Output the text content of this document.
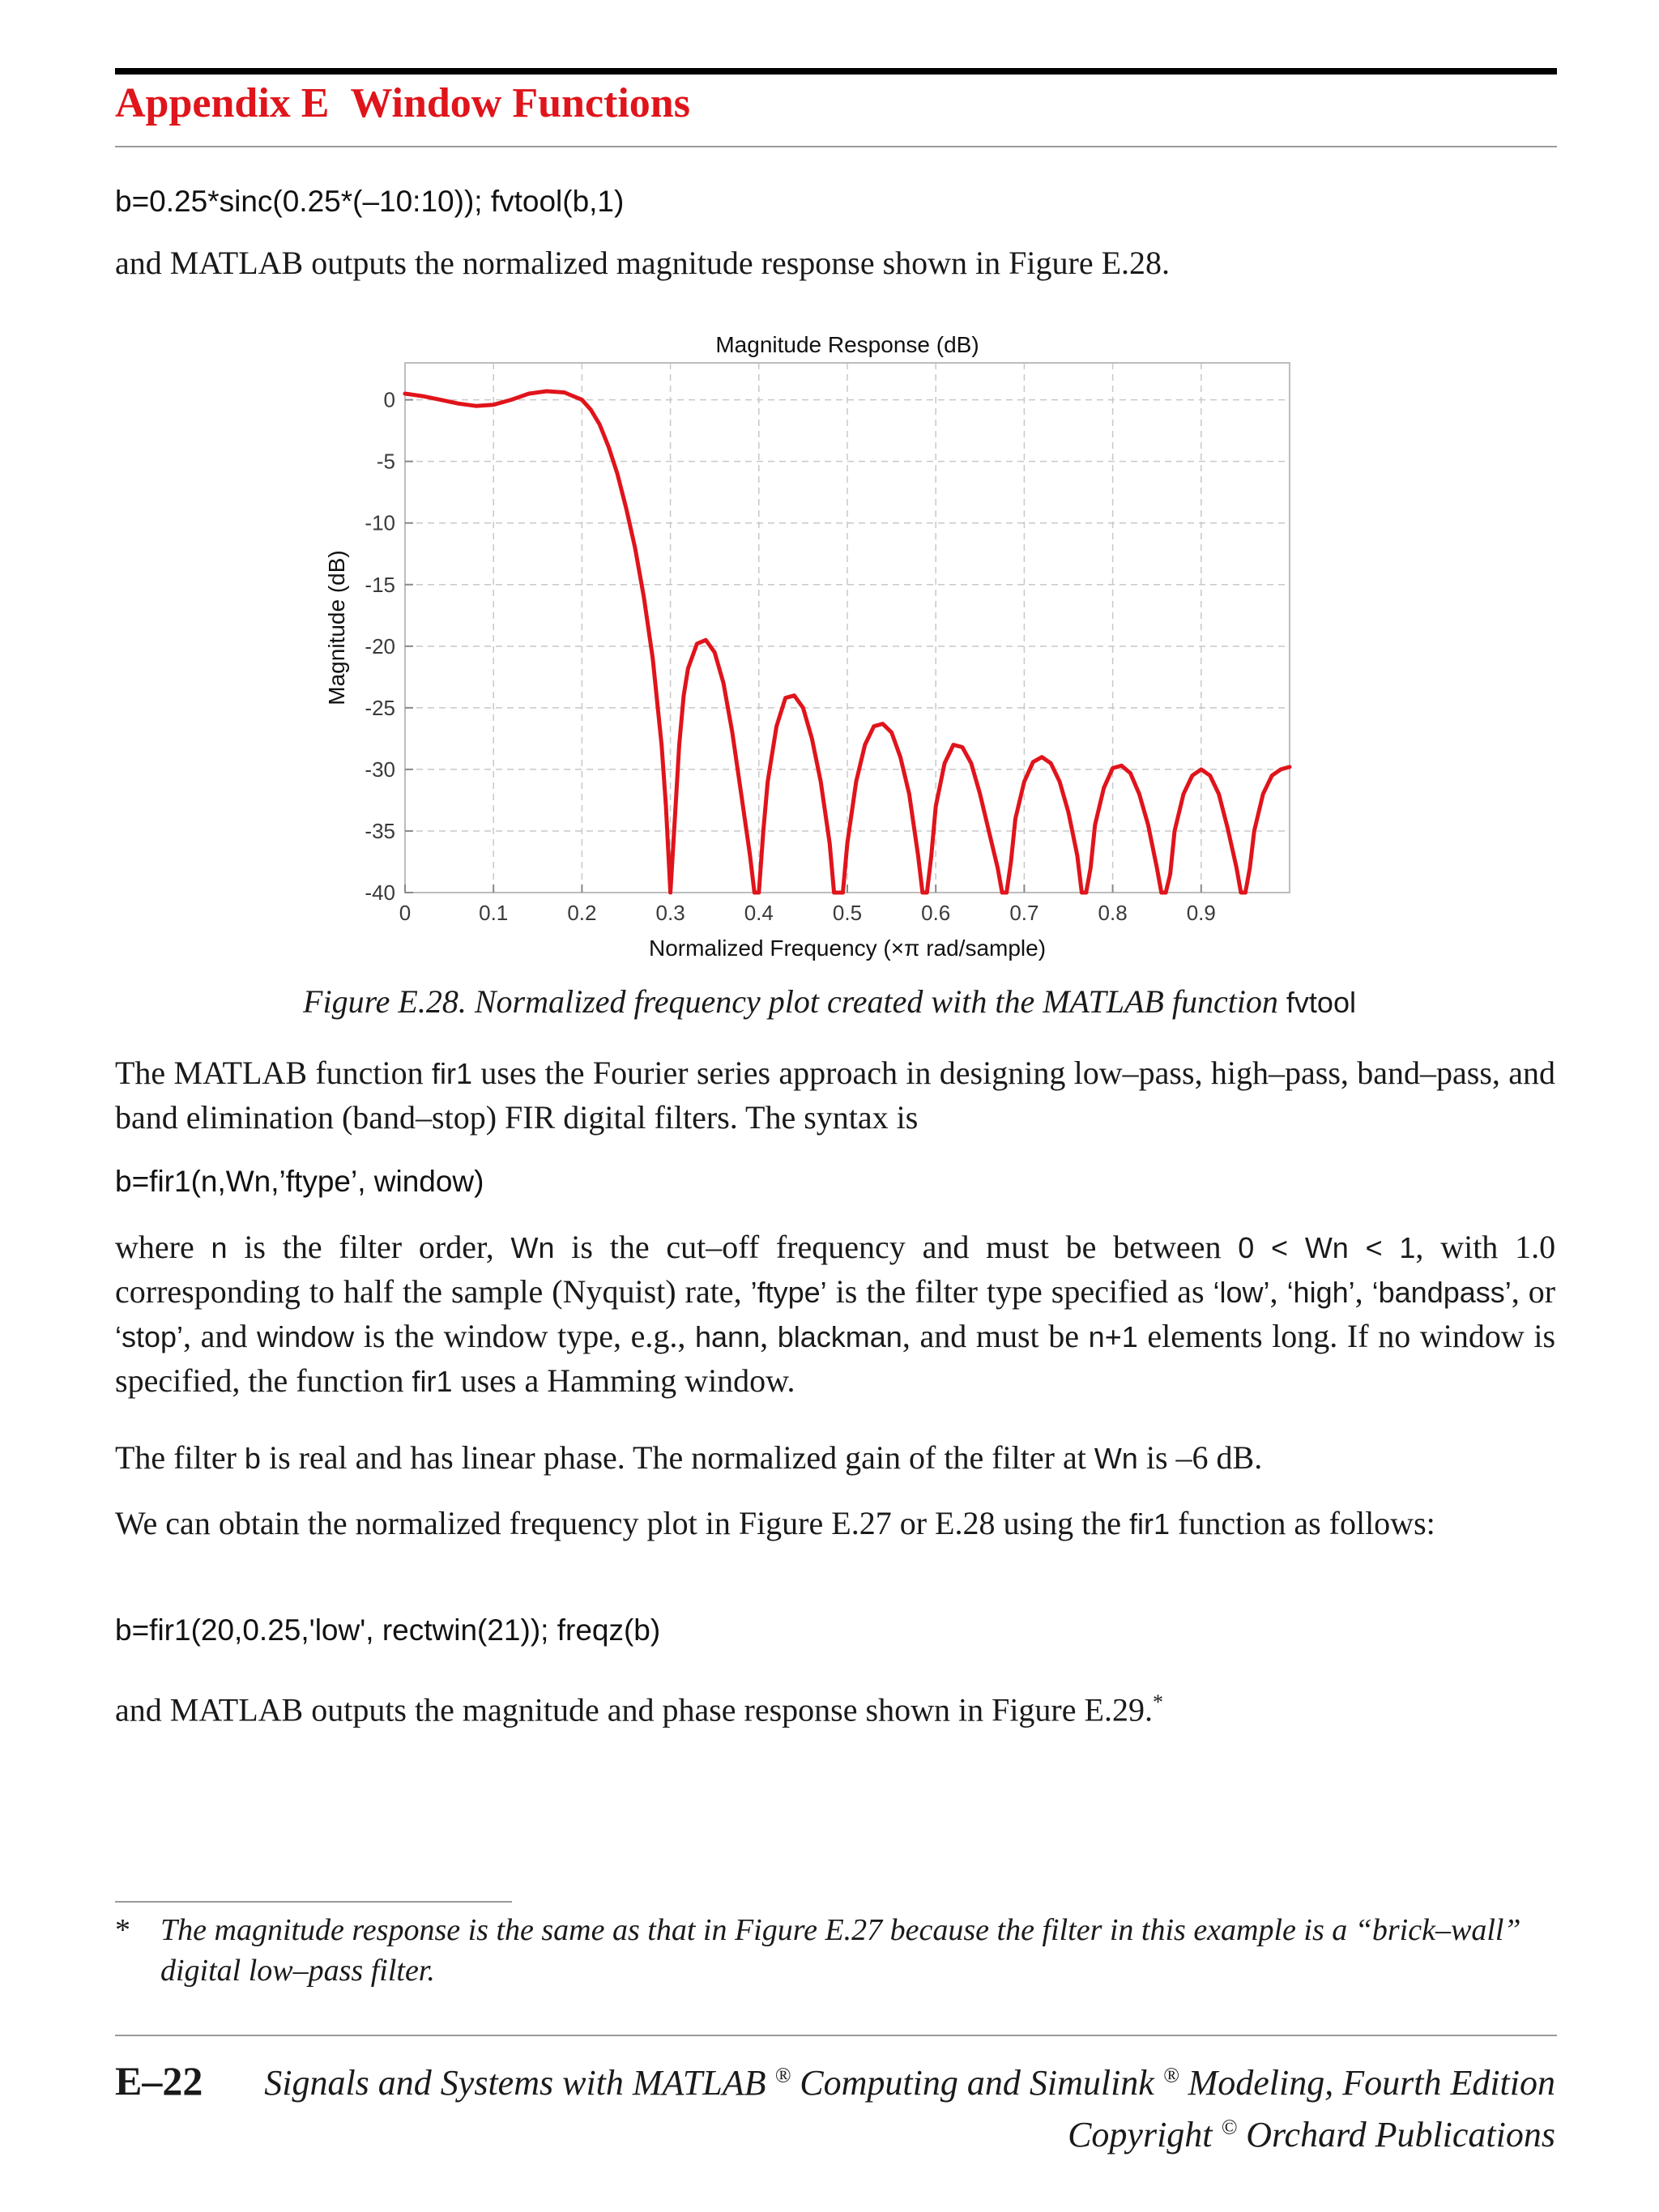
Appendix E Window Functions

b=0.25*sinc(0.25*(–10:10)); fvtool(b,1)

and MATLAB outputs the normalized magnitude response shown in Figure E.28.

0	0.1	0.2	0.3	0.4	0.5	0.6	0.7	0.8	0.9
0
-5
-10
-15
-20
-25
-30
-35
-40
Magnitude Response (dB)
Normalized Frequency (×π rad/sample)
Magnitude (dB)

Figure E.28. Normalized frequency plot created with the MATLAB function fvtool

The MATLAB function fir1 uses the Fourier series approach in designing low–pass, high–pass, band–pass, and band elimination (band–stop) FIR digital filters. The syntax is

b=fir1(n,Wn,’ftype’, window)

where n is the filter order, Wn is the cut–off frequency and must be between 0 < Wn < 1, with 1.0 corresponding to half the sample (Nyquist) rate, ’ftype’ is the filter type specified as ‘low’, ‘high’, ‘bandpass’, or ‘stop’, and window is the window type, e.g., hann, blackman, and must be n+1 elements long. If no window is specified, the function fir1 uses a Hamming window.

The filter b is real and has linear phase. The normalized gain of the filter at Wn is –6 dB.

We can obtain the normalized frequency plot in Figure E.27 or E.28 using the fir1 function as follows:

b=fir1(20,0.25,'low', rectwin(21)); freqz(b)

and MATLAB outputs the magnitude and phase response shown in Figure E.29.*

* The magnitude response is the same as that in Figure E.27 because the filter in this example is a “brick–wall” digital low–pass filter.
E–22 Signals and Systems with MATLAB ® Computing and Simulink ® Modeling, Fourth Edition
Copyright © Orchard Publications
